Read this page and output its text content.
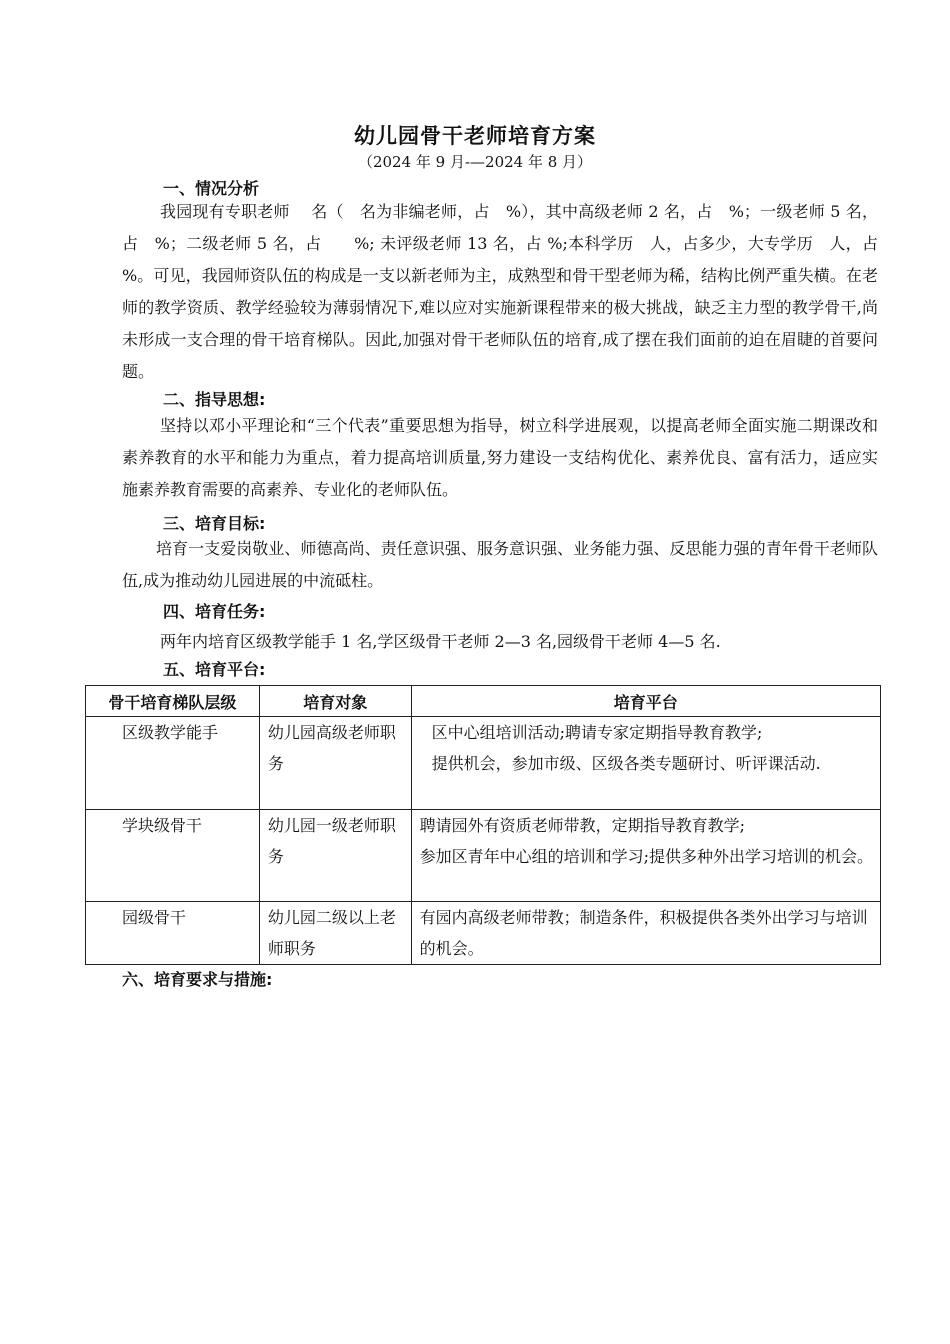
幼儿园骨干老师培育方案
（2024 年 9 月-—2024 年 8 月）
一、情况分析

我园现有专职老师　 名（　名为非编老师，占　%），其中高级老师 2 名，占　%；一级老师 5 名，占　%；二级老师 5 名，占　　%; 未评级老师 13 名，占 %;本科学历　人，占多少，大专学历　人，占 %。可见，我园师资队伍的构成是一支以新老师为主，成熟型和骨干型老师为稀，结构比例严重失横。在老师的教学资质、教学经验较为薄弱情况下,难以应对实施新课程带来的极大挑战，缺乏主力型的教学骨干,尚未形成一支合理的骨干培育梯队。因此,加强对骨干老师队伍的培育,成了摆在我们面前的迫在眉睫的首要问题。

二、指导思想:

坚持以邓小平理论和“三个代表”重要思想为指导，树立科学进展观，以提高老师全面实施二期课改和素养教育的水平和能力为重点，着力提高培训质量,努力建设一支结构优化、素养优良、富有活力，适应实施素养教育需要的高素养、专业化的老师队伍。

三、培育目标:

培育一支爱岗敬业、师德高尚、责任意识强、服务意识强、业务能力强、反思能力强的青年骨干老师队伍,成为推动幼儿园进展的中流砥柱。

四、培育任务:
两年内培育区级教学能手 1 名,学区级骨干老师 2—3 名,园级骨干老师 4—5 名.
五、培育平台:
骨干培育梯队层级	培育对象	培育平台
区级教学能手	幼儿园高级老师职务	区中心组培训活动;聘请专家定期指导教育教学;
提供机会，参加市级、区级各类专题研讨、听评课活动.

学块级骨干	幼儿园一级老师职务	聘请园外有资质老师带教，定期指导教育教学;
参加区青年中心组的培训和学习;提供多种外出学习培训的机会。

园级骨干	幼儿园二级以上老师职务	有园内高级老师带教；制造条件，积极提供各类外出学习与培训的机会。
六、培育要求与措施:
